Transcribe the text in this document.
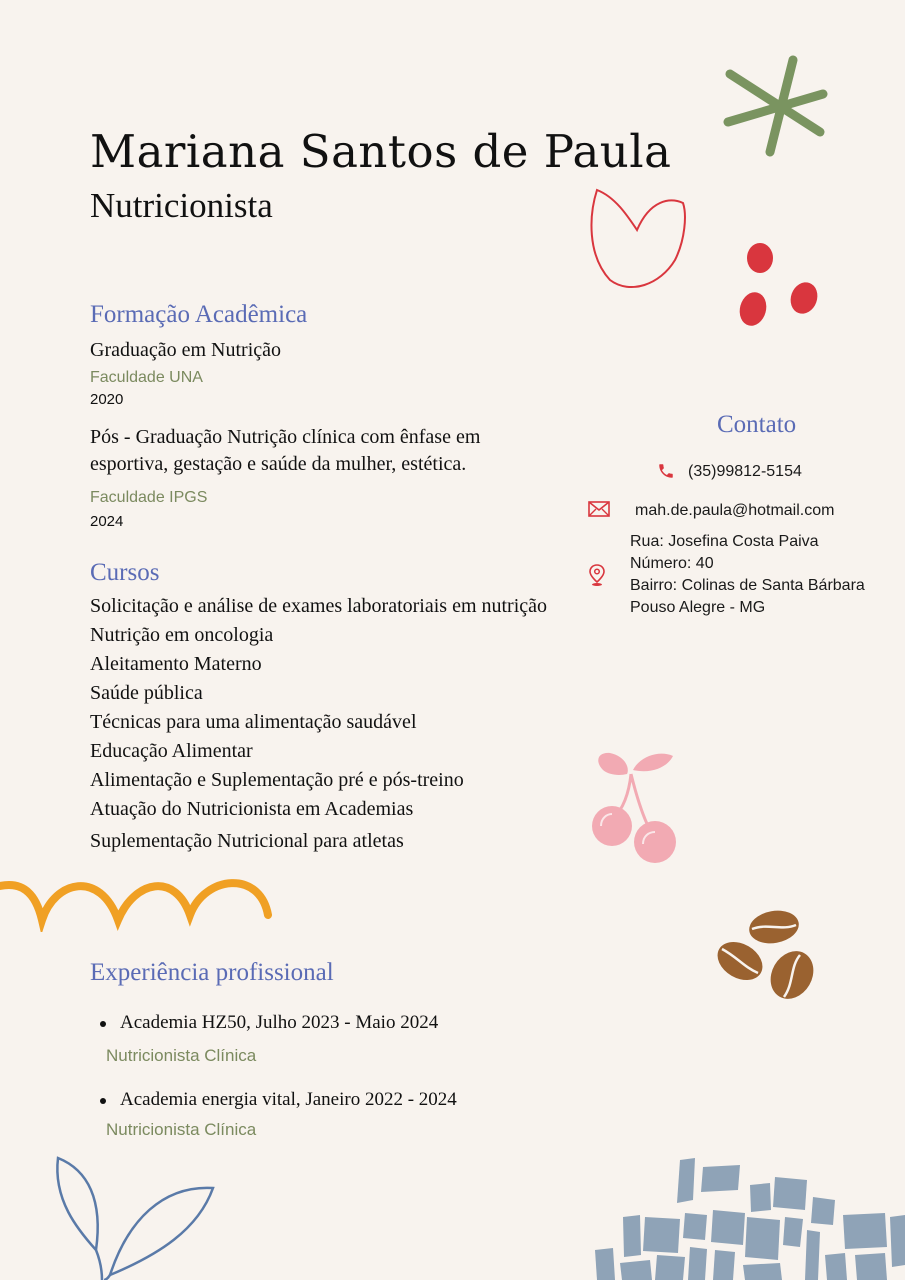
Mariana Santos de Paula
Nutricionista
Formação Acadêmica
Graduação em Nutrição
Faculdade UNA
2020
Pós - Graduação Nutrição clínica com ênfase em esportiva, gestação e saúde da mulher, estética.
Faculdade IPGS
2024
Cursos
Solicitação e análise de exames laboratoriais em nutrição
Nutrição em oncologia
Aleitamento Materno
Saúde pública
Técnicas para uma alimentação saudável
Educação Alimentar
Alimentação e Suplementação pré e pós-treino
Atuação do Nutricionista em Academias
Suplementação Nutricional para atletas
Experiência profissional
Academia HZ50, Julho 2023 - Maio 2024
Nutricionista Clínica
Academia energia vital, Janeiro 2022 - 2024
Nutricionista Clínica
Contato
(35)99812-5154
mah.de.paula@hotmail.com
Rua: Josefina Costa Paiva
Número: 40
Bairro: Colinas de Santa Bárbara
Pouso Alegre - MG
